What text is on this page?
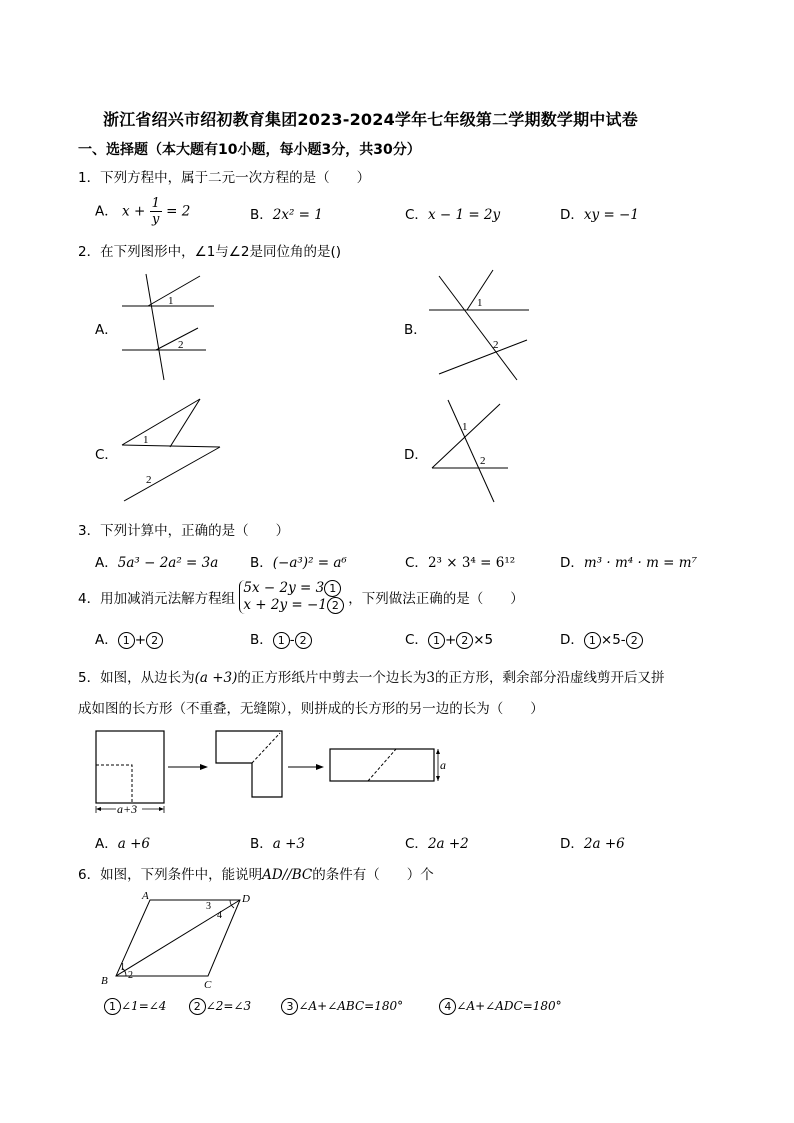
浙江省绍兴市绍初教育集团2023-2024学年七年级第二学期数学期中试卷
一、选择题（本大题有10小题，每小题3分，共30分）
1．下列方程中，属于二元一次方程的是（　　）
A． $x + \frac{1}{y} = 2$	B．2x² = 1	C．x − 1 = 2y	D．xy = −1
2．在下列图形中，∠1与∠2是同位角的是()
A．
1
2
B．
1
2
C．
1
2
D．
1
2
3．下列计算中，正确的是（　　）
A．5a³ − 2a² = 3a B．(−a³)² = a⁶	C．2³ × 3⁴ = 6¹²	D．m³ · m⁴ · m = m⁷
4．用加减消元法解方程组
5x − 2y = 3 1
x + 2y = −1 2 ，下列做法正确的是（　　）
A． 1 + 2	B． 1 - 2	C． 1 + 2 ×5	D． 1 ×5- 2
5．如图，从边长为(a +3)的正方形纸片中剪去一个边长为3的正方形，剩余部分沿虚线剪开后又拼
成如图的长方形（不重叠，无缝隙），则拼成的长方形的另一边的长为（　　）
a+3
a
A．a +6	B．a +3	C．2a +2	D．2a +6
6．如图，下列条件中，能说明AD//BC的条件有（　　）个
A	D
B	C
1
2
3
4
1 ∠1=∠4 2 ∠2=∠3	3 ∠A+∠ABC=180°	4 ∠A+∠ADC=180°
